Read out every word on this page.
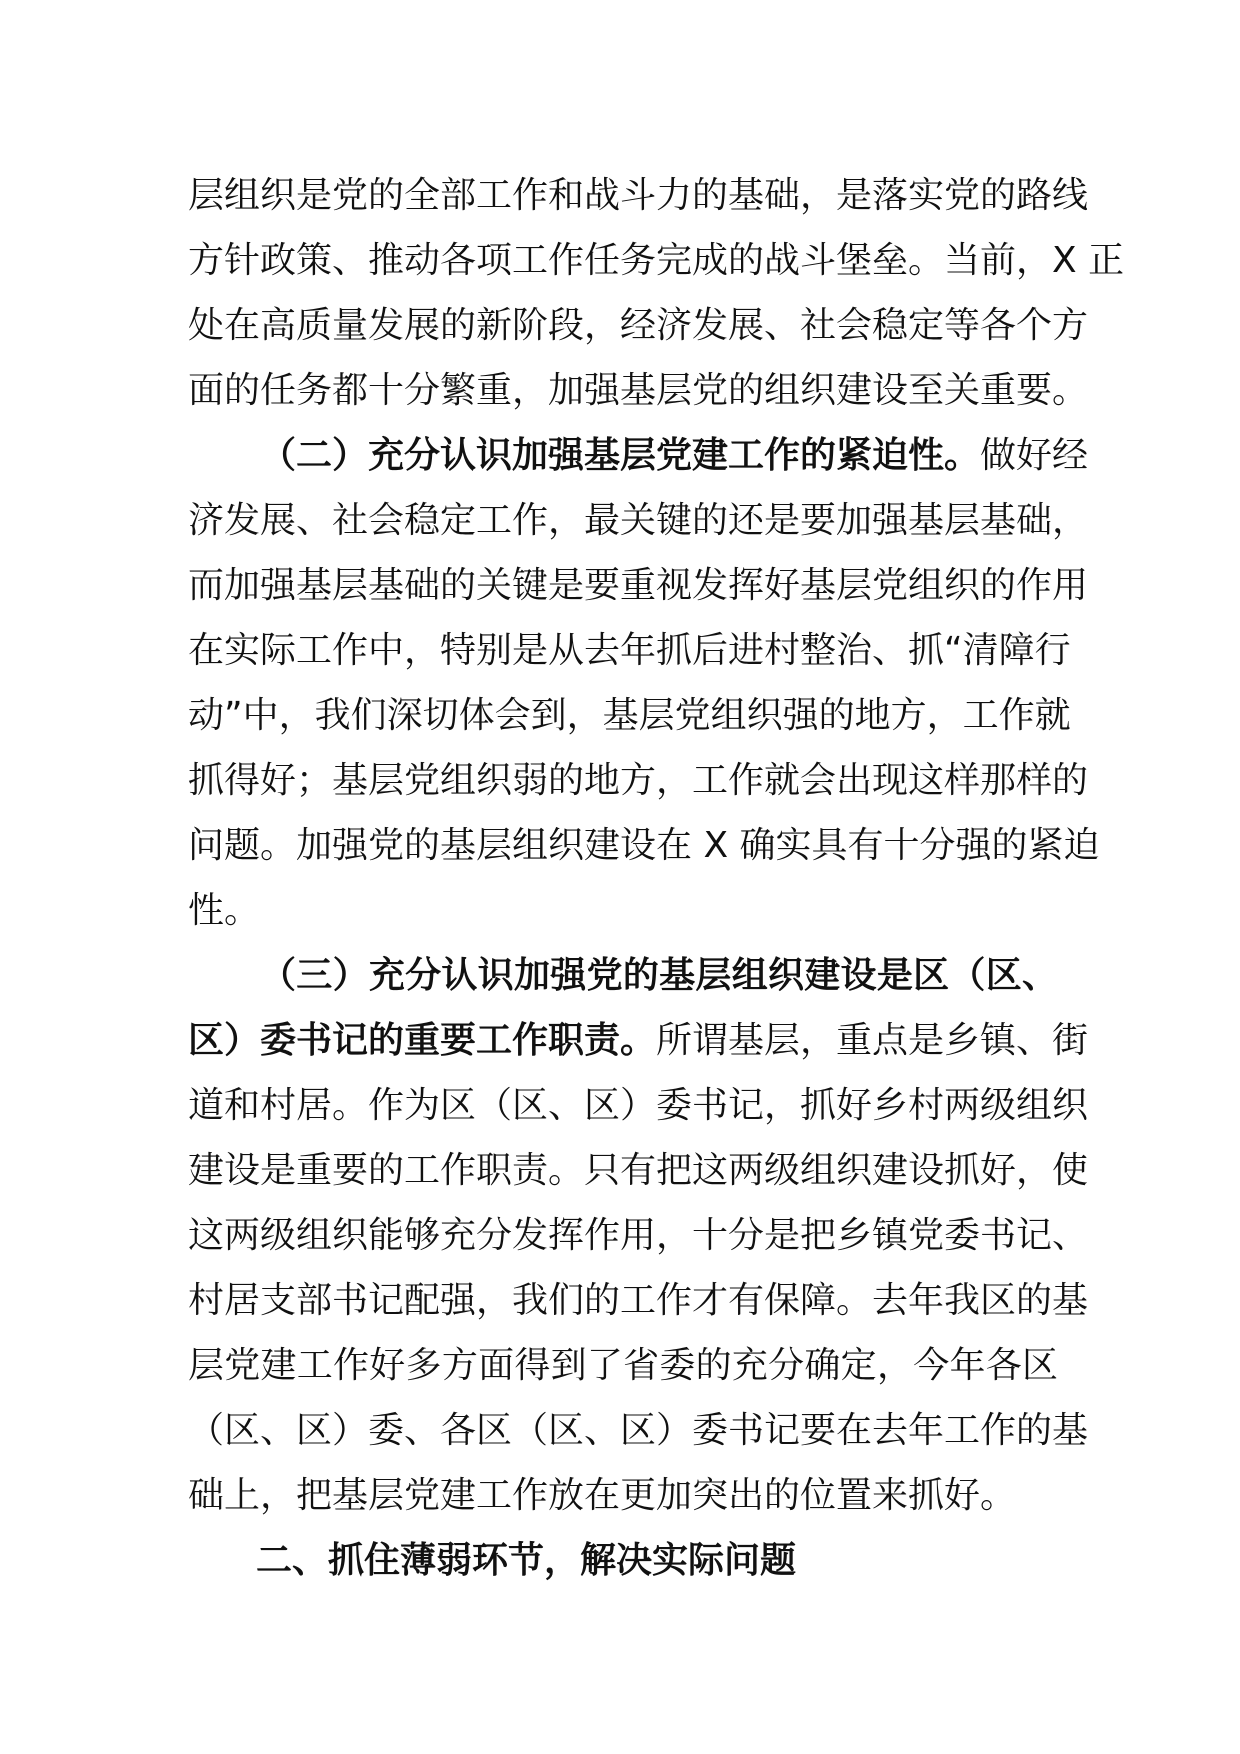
层组织是党的全部工作和战斗力的基础，是落实党的路线
方针政策、推动各项工作任务完成的战斗堡垒。当前，X 正
处在高质量发展的新阶段，经济发展、社会稳定等各个方
面的任务都十分繁重，加强基层党的组织建设至关重要。
（二）充分认识加强基层党建工作的紧迫性。做好经
济发展、社会稳定工作，最关键的还是要加强基层基础，
而加强基层基础的关键是要重视发挥好基层党组织的作用
在实际工作中，特别是从去年抓后进村整治、抓“清障行
动”中，我们深切体会到，基层党组织强的地方，工作就
抓得好；基层党组织弱的地方，工作就会出现这样那样的
问题。加强党的基层组织建设在 X 确实具有十分强的紧迫
性。
（三）充分认识加强党的基层组织建设是区（区、
区）委书记的重要工作职责。所谓基层，重点是乡镇、街
道和村居。作为区（区、区）委书记，抓好乡村两级组织
建设是重要的工作职责。只有把这两级组织建设抓好，使
这两级组织能够充分发挥作用，十分是把乡镇党委书记、
村居支部书记配强，我们的工作才有保障。去年我区的基
层党建工作好多方面得到了省委的充分确定，今年各区
（区、区）委、各区（区、区）委书记要在去年工作的基
础上，把基层党建工作放在更加突出的位置来抓好。
二、抓住薄弱环节，解决实际问题
